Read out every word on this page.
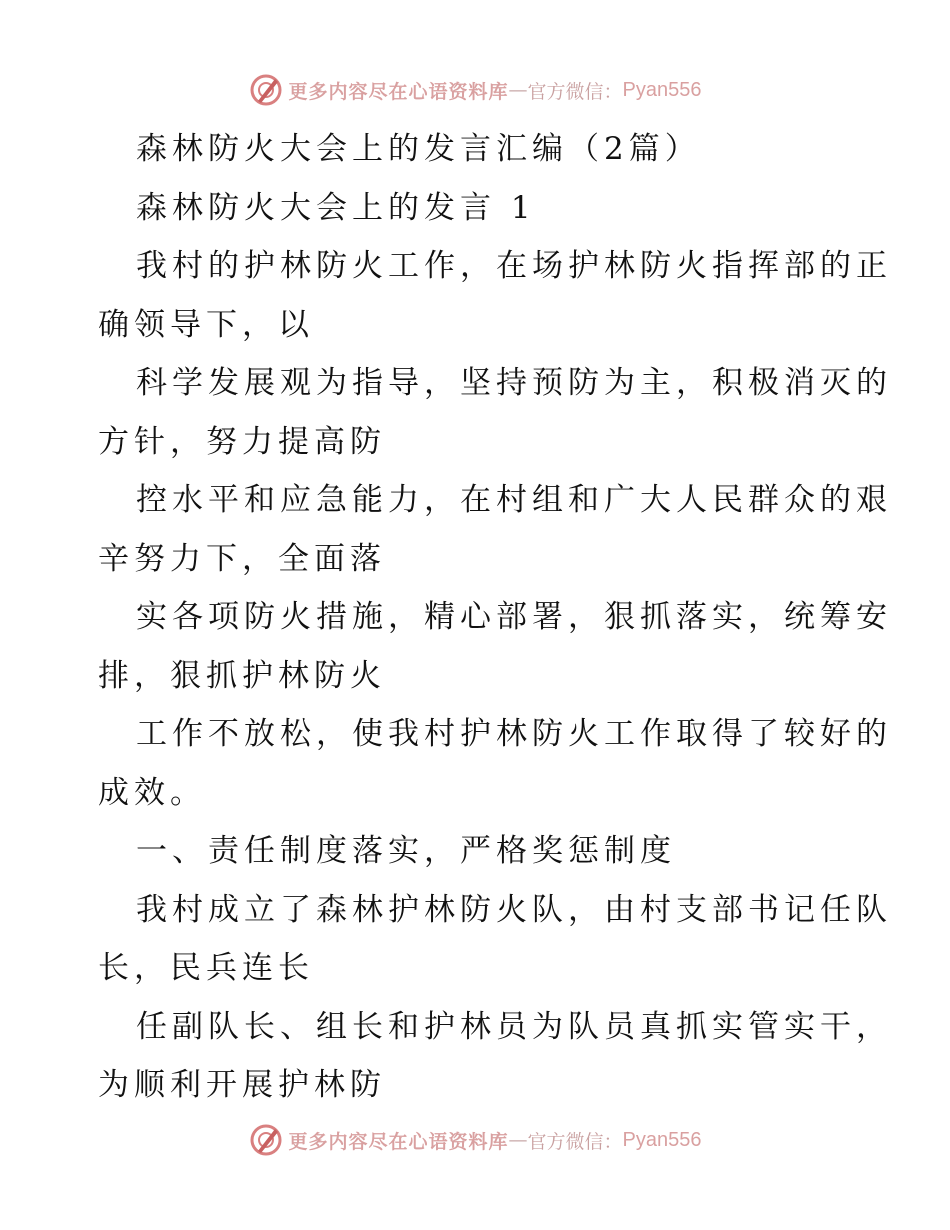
更多内容尽在心语资料库 — 官方微信： Pyan556
森林防火大会上的发言汇编（2篇）
森林防火大会上的发言 1
我村的护林防火工作，在场护林防火指挥部的正
确领导下，以
科学发展观为指导，坚持预防为主，积极消灭的
方针，努力提高防
控水平和应急能力，在村组和广大人民群众的艰
辛努力下，全面落
实各项防火措施，精心部署，狠抓落实，统筹安
排，狠抓护林防火
工作不放松，使我村护林防火工作取得了较好的
成效。
一、责任制度落实，严格奖惩制度
我村成立了森林护林防火队，由村支部书记任队
长，民兵连长
任副队长、组长和护林员为队员真抓实管实干，
为顺利开展护林防
更多内容尽在心语资料库 — 官方微信： Pyan556
